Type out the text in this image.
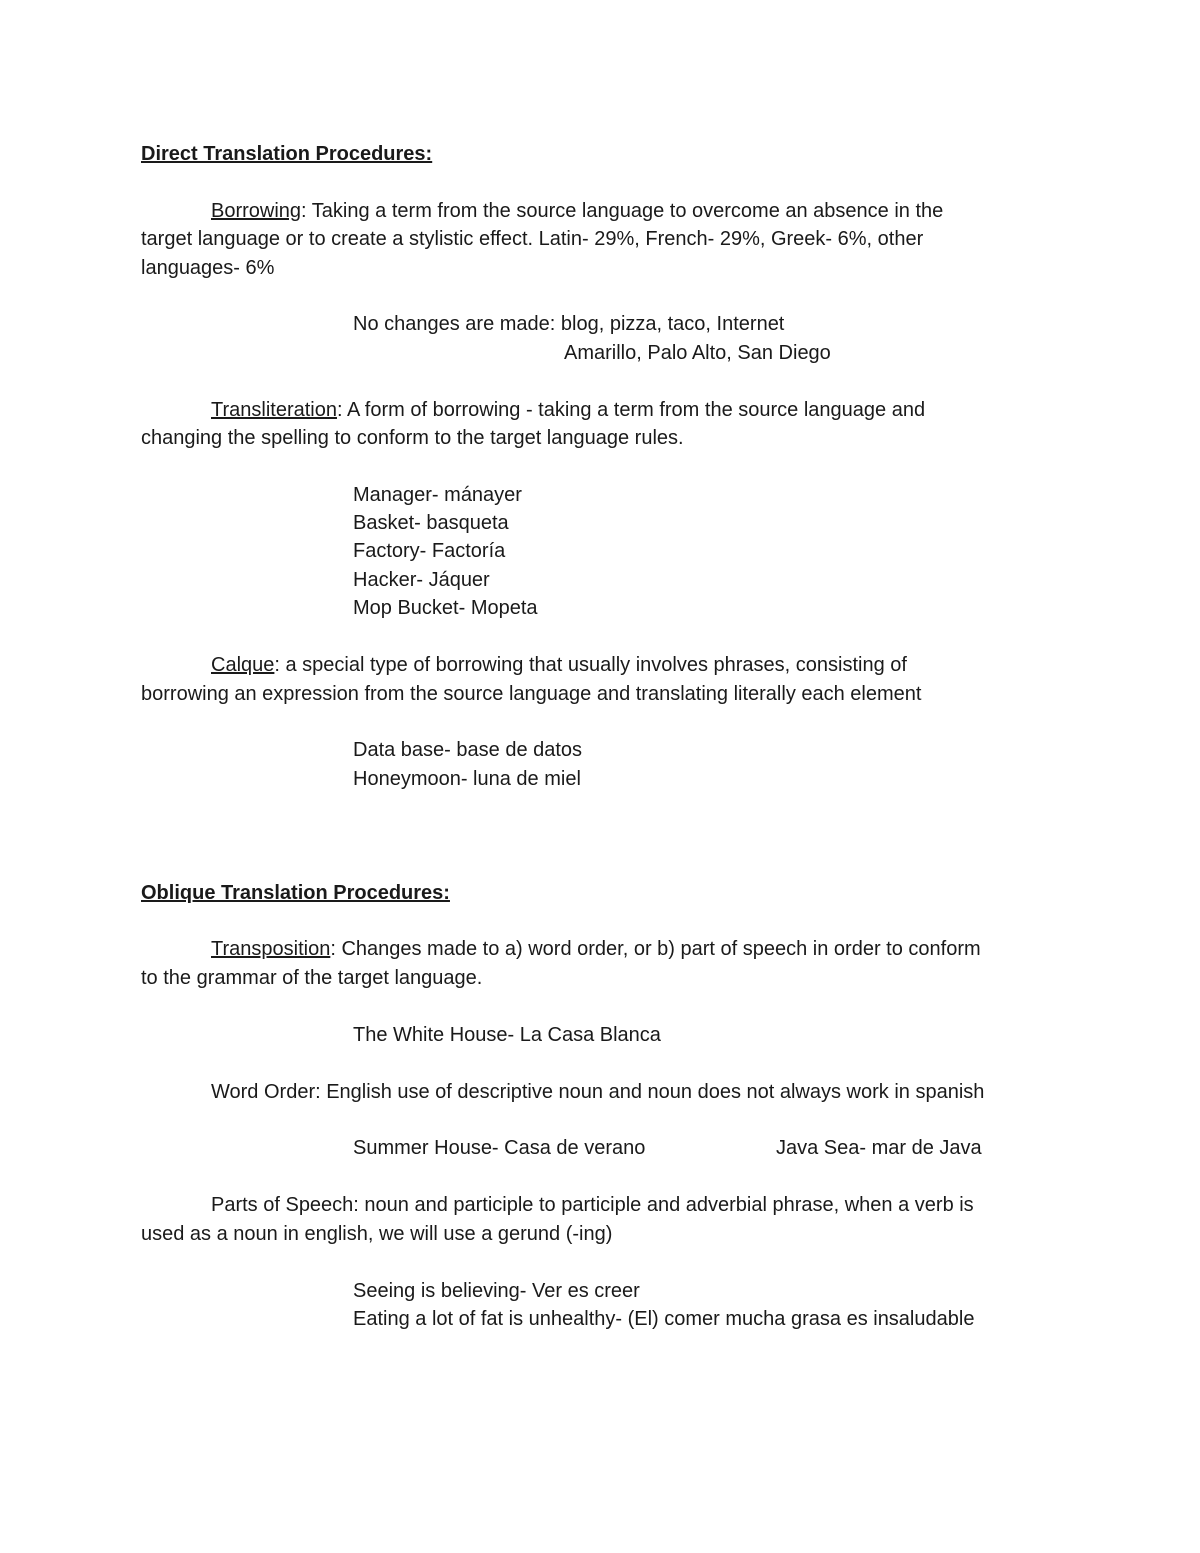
Direct Translation Procedures:
Borrowing: Taking a term from the source language to overcome an absence in the
target language or to create a stylistic effect. Latin- 29%, French- 29%, Greek- 6%, other
languages- 6%
No changes are made: blog, pizza, taco, Internet
Amarillo, Palo Alto, San Diego
Transliteration: A form of borrowing - taking a term from the source language and
changing the spelling to conform to the target language rules.
Manager- mánayer
Basket- basqueta
Factory- Factoría
Hacker- Jáquer
Mop Bucket- Mopeta
Calque: a special type of borrowing that usually involves phrases, consisting of
borrowing an expression from the source language and translating literally each element
Data base- base de datos
Honeymoon- luna de miel
Oblique Translation Procedures:
Transposition: Changes made to a) word order, or b) part of speech in order to conform
to the grammar of the target language.
The White House- La Casa Blanca
Word Order: English use of descriptive noun and noun does not always work in spanish
Summer House- Casa de verano	Java Sea- mar de Java
Parts of Speech: noun and participle to participle and adverbial phrase, when a verb is
used as a noun in english, we will use a gerund (-ing)
Seeing is believing- Ver es creer
Eating a lot of fat is unhealthy- (El) comer mucha grasa es insaludable
